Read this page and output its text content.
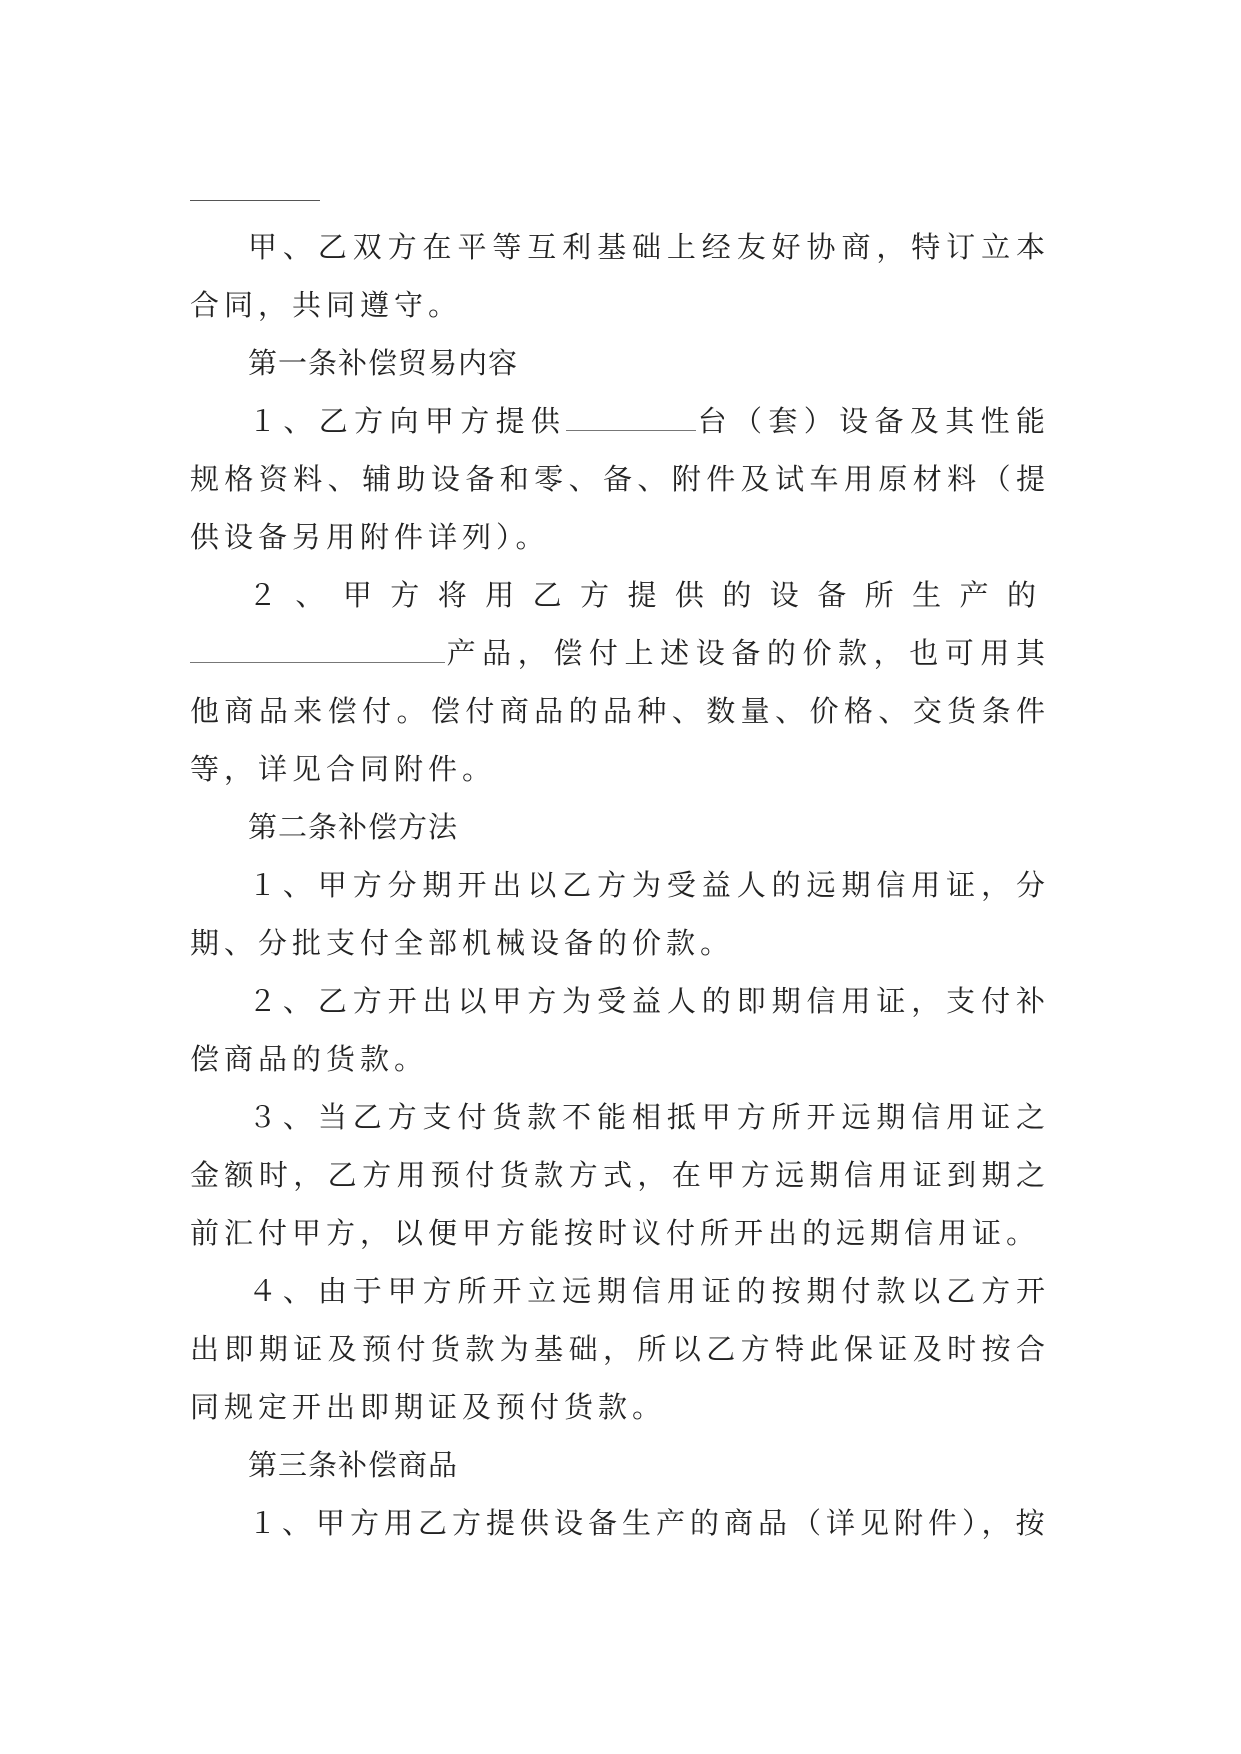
甲、乙双方在平等互利基础上经友好协商，特订立本合同，共同遵守。

第一条补偿贸易内容

１、乙方向甲方提供	台（套）设备及其性能规格资料、辅助设备和零、备、附件及试车用原材料（提供设备另用附件详列）。

２、甲方将用乙方提供的设备所生产的

产品，偿付上述设备的价款，也可用其他商品来偿付。偿付商品的品种、数量、价格、交货条件等，详见合同附件。

第二条补偿方法

１、甲方分期开出以乙方为受益人的远期信用证，分期、分批支付全部机械设备的价款。

２、乙方开出以甲方为受益人的即期信用证，支付补偿商品的货款。

３、当乙方支付货款不能相抵甲方所开远期信用证之金额时，乙方用预付货款方式，在甲方远期信用证到期之前汇付甲方，以便甲方能按时议付所开出的远期信用证。

４、由于甲方所开立远期信用证的按期付款以乙方开出即期证及预付货款为基础，所以乙方特此保证及时按合同规定开出即期证及预付货款。

第三条补偿商品

１、甲方用乙方提供设备生产的商品（详见附件），按
